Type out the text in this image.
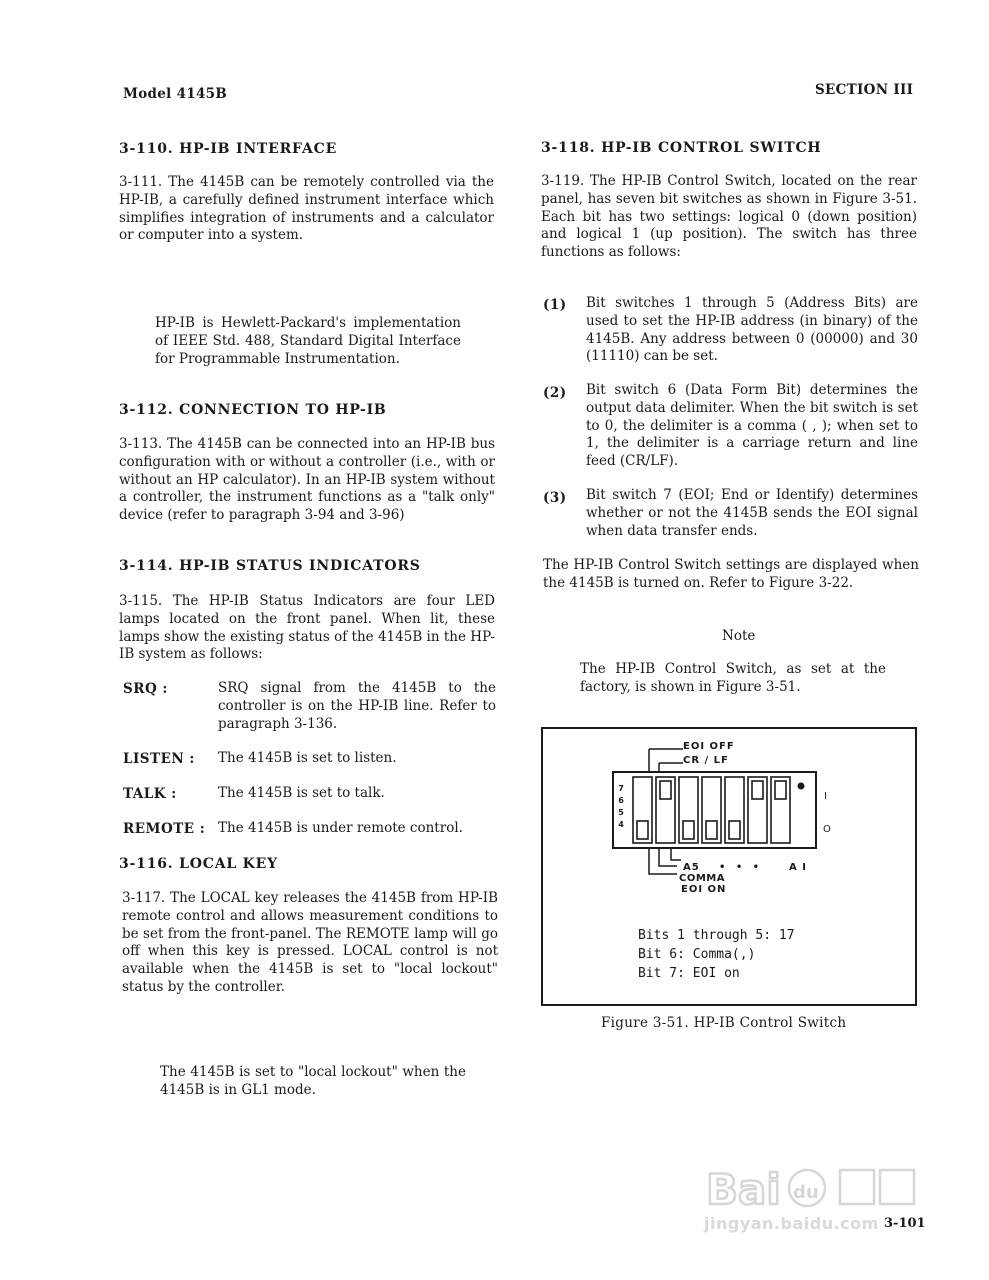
Model 4145B	SECTION III
3-110. HP-IB INTERFACE
3-111. The 4145B can be remotely controlled via the HP-IB, a carefully defined instrument interface which simplifies integration of instruments and a calculator or computer into a system.
HP-IB is Hewlett-Packard's implementation of IEEE Std. 488, Standard Digital Interface for Programmable Instrumentation.
3-112. CONNECTION TO HP-IB
3-113. The 4145B can be connected into an HP-IB bus configuration with or without a controller (i.e., with or without an HP calculator). In an HP-IB system without a controller, the instrument functions as a "talk only" device (refer to paragraph 3-94 and 3-96)
3-114. HP-IB STATUS INDICATORS
3-115. The HP-IB Status Indicators are four LED lamps located on the front panel. When lit, these lamps show the existing status of the 4145B in the HP-IB system as follows:
SRQ :	SRQ signal from the 4145B to the controller is on the HP-IB line. Refer to paragraph 3-136.
LISTEN : The 4145B is set to listen.
TALK :	The 4145B is set to talk.
REMOTE : The 4145B is under remote control.
3-116. LOCAL KEY
3-117. The LOCAL key releases the 4145B from HP-IB remote control and allows measurement conditions to be set from the front-panel. The REMOTE lamp will go off when this key is pressed. LOCAL control is not available when the 4145B is set to "local lockout" status by the controller.
The 4145B is set to "local lockout" when the 4145B is in GL1 mode.
3-118. HP-IB CONTROL SWITCH
3-119. The HP-IB Control Switch, located on the rear panel, has seven bit switches as shown in Figure 3-51. Each bit has two settings: logical 0 (down position) and logical 1 (up position). The switch has three functions as follows:
(1) Bit switches 1 through 5 (Address Bits) are used to set the HP-IB address (in binary) of the 4145B. Any address between 0 (00000) and 30 (11110) can be set.
(2) Bit switch 6 (Data Form Bit) determines the output data delimiter. When the bit switch is set to 0, the delimiter is a comma ( , ); when set to 1, the delimiter is a carriage return and line feed (CR/LF).
(3) Bit switch 7 (EOI; End or Identify) determines whether or not the 4145B sends the EOI signal when data transfer ends.
The HP-IB Control Switch settings are displayed when the 4145B is turned on. Refer to Figure 3-22.
Note
The HP-IB Control Switch, as set at the factory, is shown in Figure 3-51.
EOI OFF
CR / LF
7 6 5 4
I
O
A5 •   •   •	A I
COMMA
EOI ON
Bits 1 through 5: 17
Bit 6: Comma(,)
Bit 7: EOI on
Figure 3-51. HP-IB Control Switch
Bai du
jingyan.baidu.com 3-101
